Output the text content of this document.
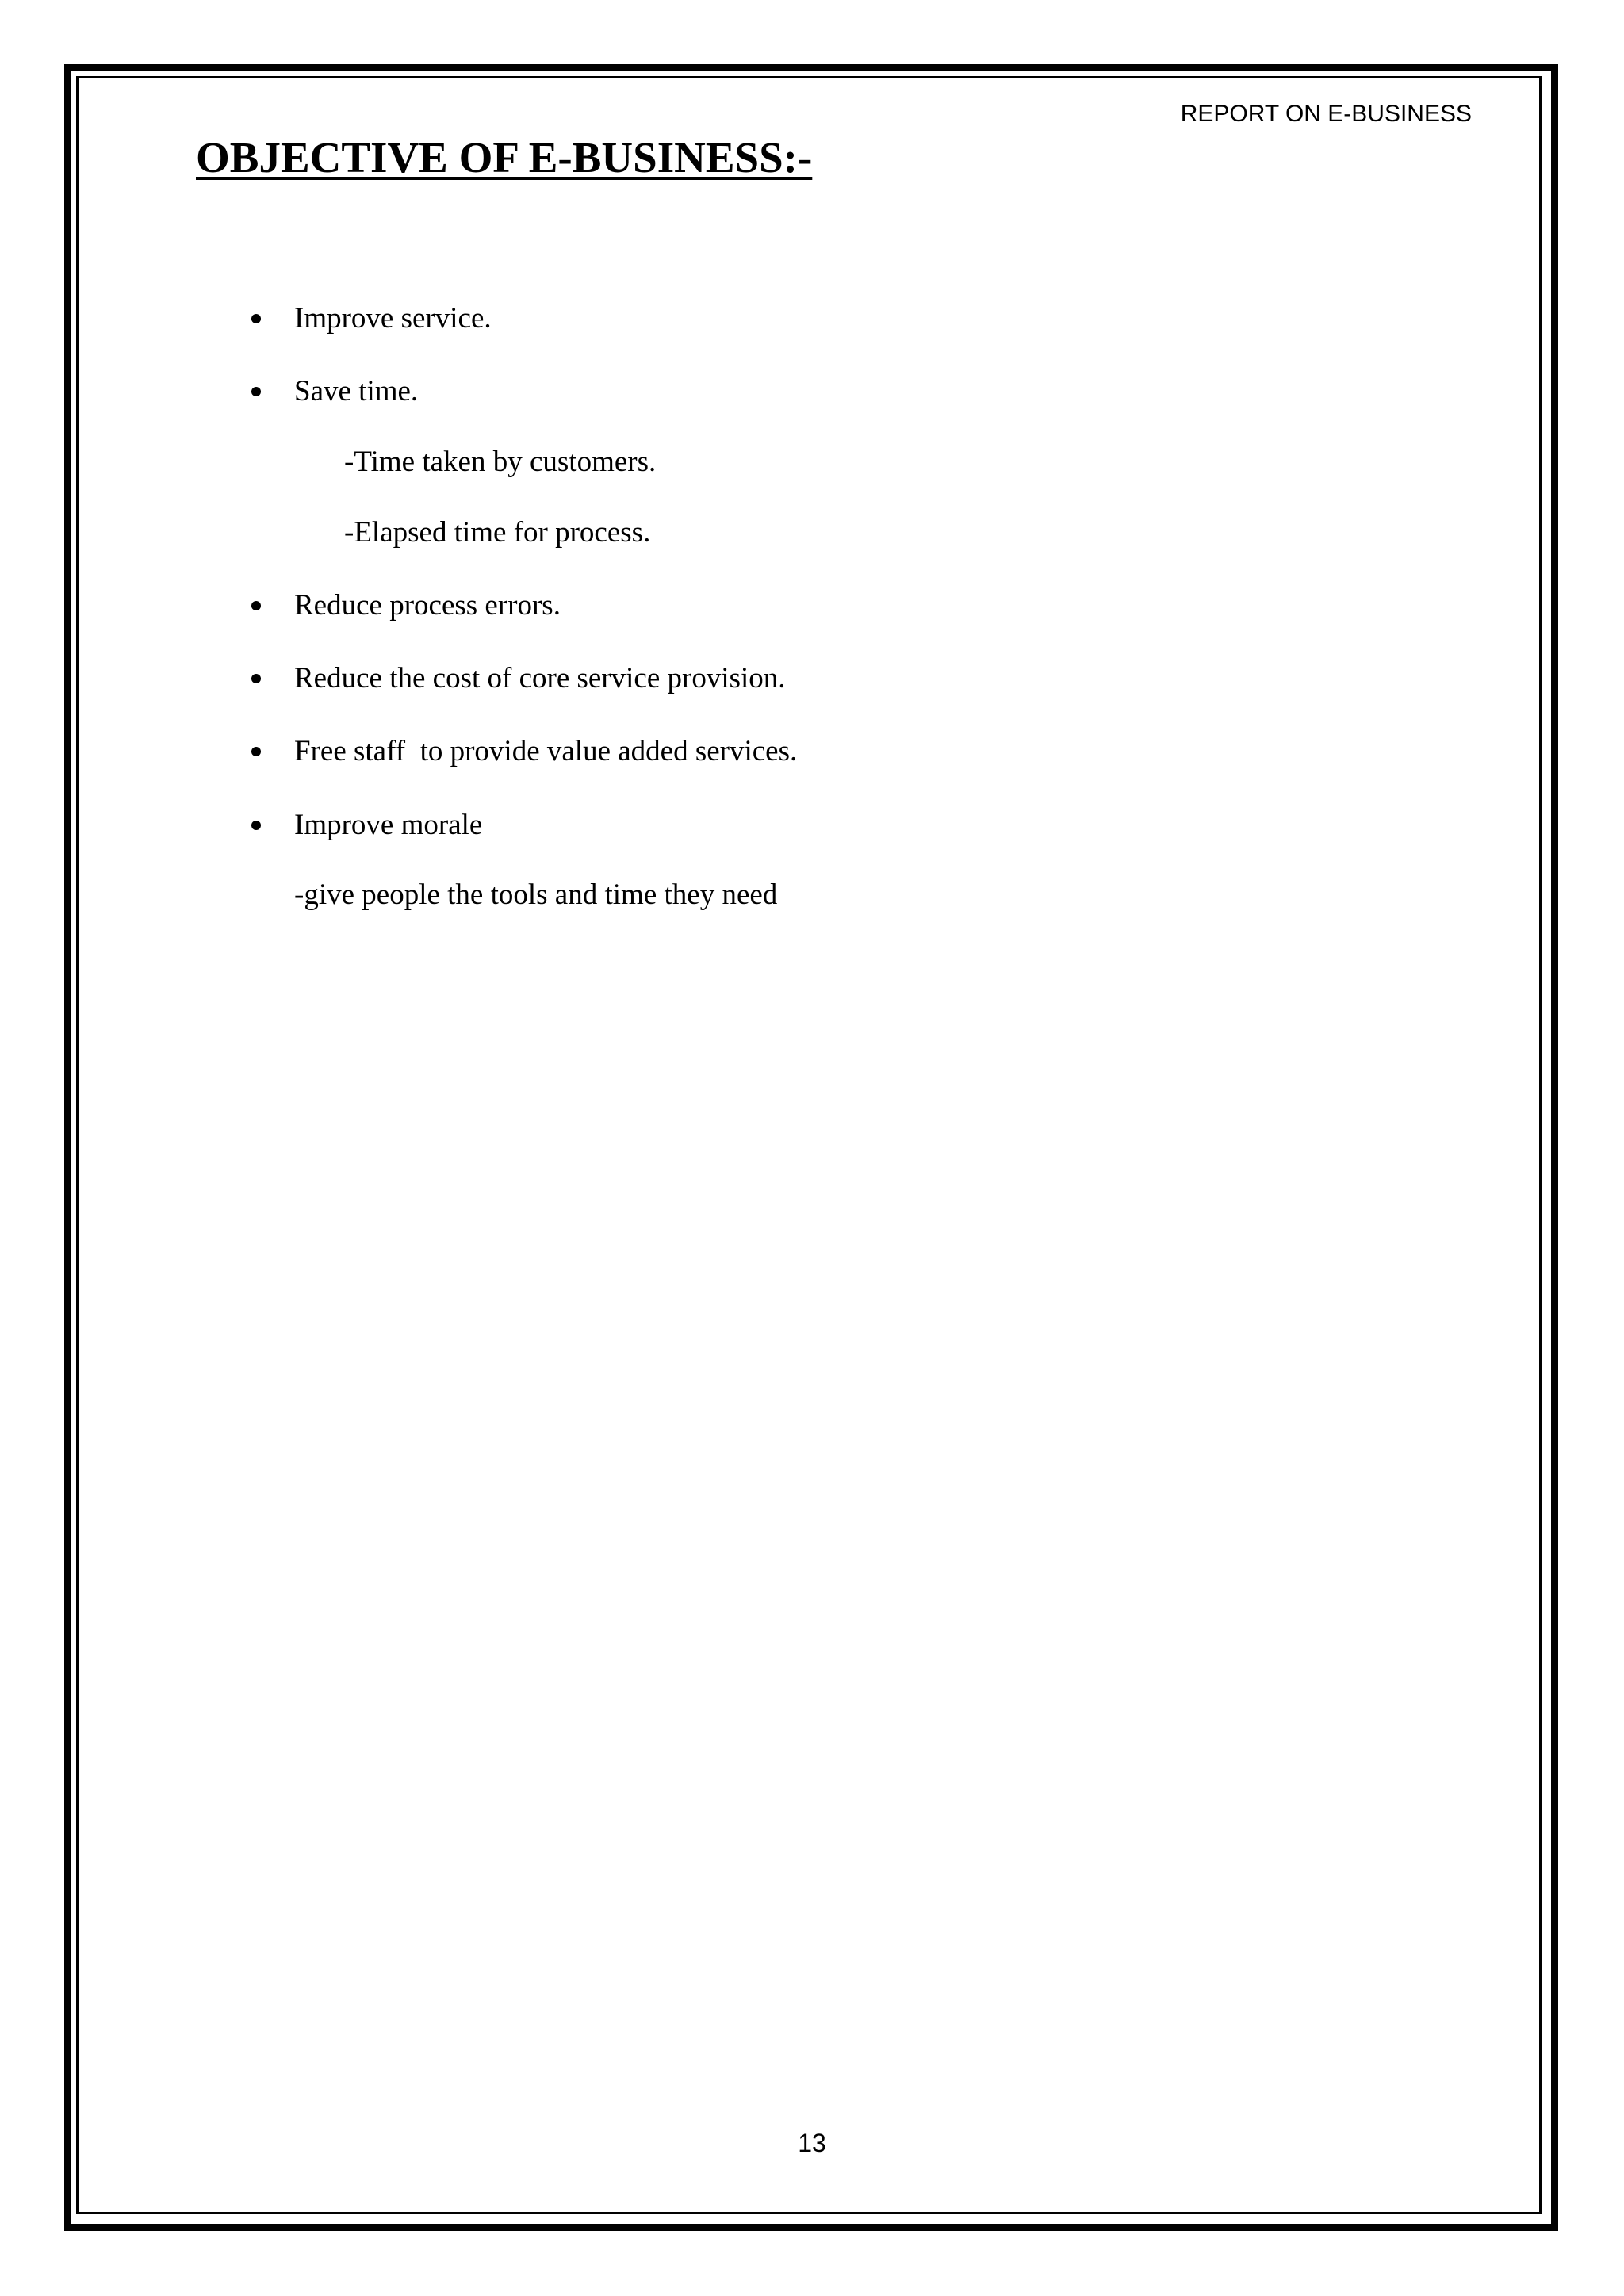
REPORT ON E-BUSINESS
OBJECTIVE OF E-BUSINESS:-
Improve service.
Save time.
-Time taken by customers.
-Elapsed time for process.
Reduce process errors.
Reduce the cost of core service provision.
Free staff  to provide value added services.
Improve morale
-give people the tools and time they need
13
